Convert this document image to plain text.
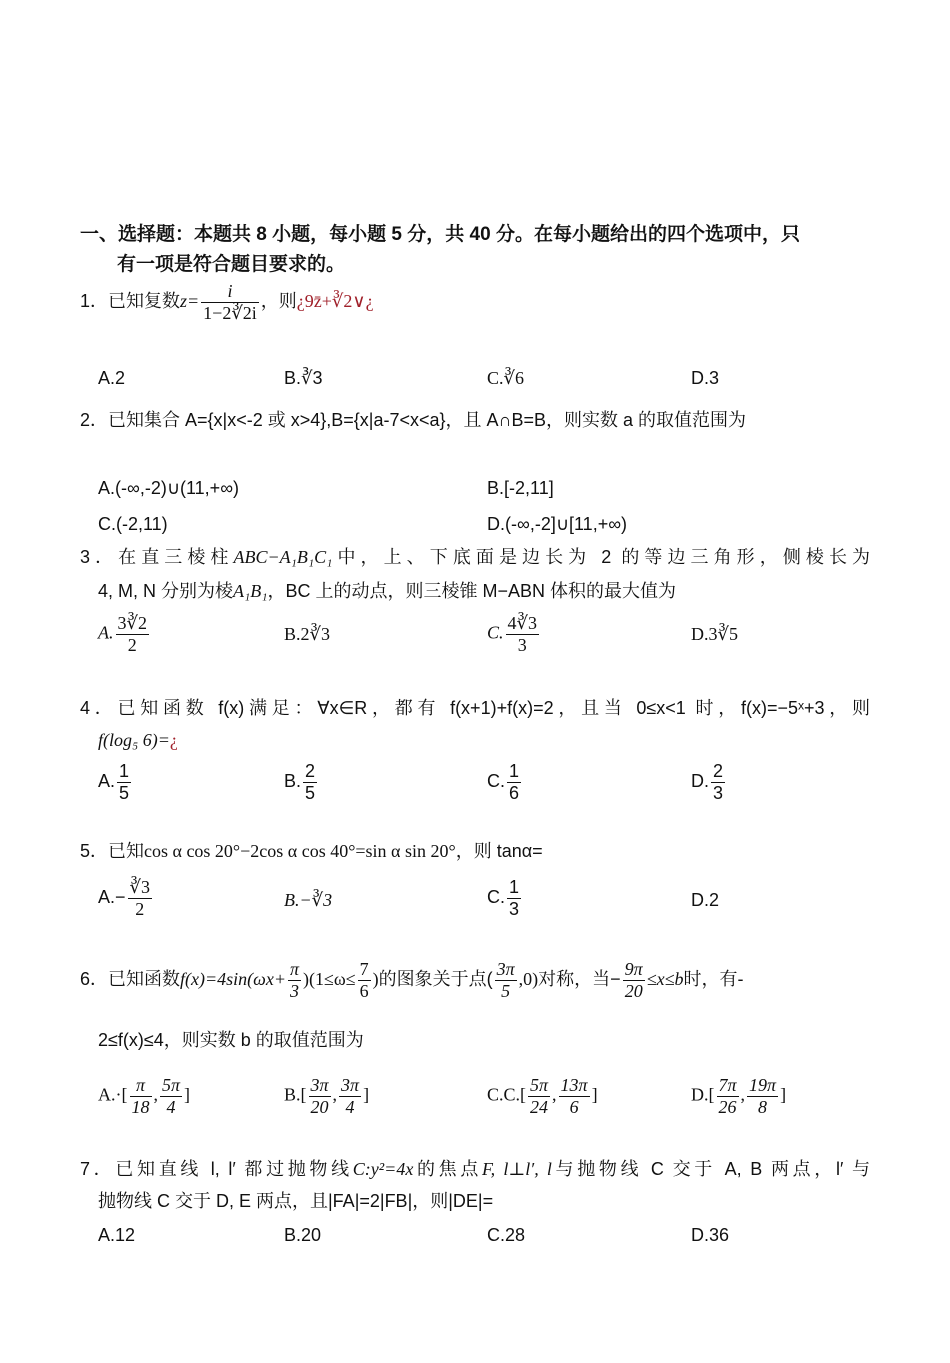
一、选择题：本题共 8 小题，每小题 5 分，共 40 分。在每小题给出的四个选项中，只
有一项是符合题目要求的。
1．已知复数$z= \frac{i}{1-2∛2i}$ ，则¿9z̄+∛2∨¿
A.2	B.∛3	C.∛6	D.3
2．已知集合 A={x|x<-2 或 x>4},B={x|a-7<x<a}，且 A∩B=B，则实数 a 的取值范围为
A.(-∞,-2)∪(11,+∞)	B.[-2,11]
C.(-2,11)	D.(-∞,-2]∪[11,+∞)
3．在直三棱柱ABC−A₁B₁C₁中，上、下底面是边长为 2 的等边三角形，侧棱长为
4, M, N 分别为棱A₁B₁，BC 上的动点，则三棱锥 M−ABN 体积的最大值为
A. $\frac{3∛2}{2}$	B.2∛3	C. $\frac{4∛3}{3}$	D.3∛5
4．已知函数 f(x)满足：∀x∈R，都有 f(x+1)+f(x)=2，且当 0≤x<1 时，f(x)=−5ˣ+3，则
f(log₅ 6)=¿
A. $\frac{1}{5}$	B. $\frac{2}{5}$	C. $\frac{1}{6}$	D. $\frac{2}{3}$
5．已知cos α cos 20°−2cos α cos 40°=sin α sin 20°，则 tanα=
$A.- \frac{∛3}{2}$	B.−∛3	C. $\frac{1}{3}$	D.2
6．已知函数$f(x)=4\sin(\omega x+ \frac{\pi}{3} )(1\le\omega\le \frac{7}{6}$ )的图象关于点( $\frac{3\pi}{5} ,0$)对称，当− $\frac{9\pi}{20} \le x\le b$时，有-
2≤f(x)≤4，则实数 b 的取值范围为
$A.\cdot[ \frac{\pi}{18}$ , $\frac{5\pi}{4}$ ]	$B.[ \frac{3\pi}{20}$ , $\frac{3\pi}{4}$ ]	$C.C.[ \frac{5\pi}{24}$ , $\frac{13\pi}{6}$ ]	$D.[ \frac{7\pi}{26}$ , $\frac{19\pi}{8}$ ]
7．已知直线 l, l′ 都过抛物线C:y²=4x的焦点F, l⊥l′, l与抛物线 C 交于 A, B 两点，l′ 与
抛物线 C 交于 D, E 两点，且|FA|=2|FB|，则|DE|=
A.12	B.20	C.28	D.36
